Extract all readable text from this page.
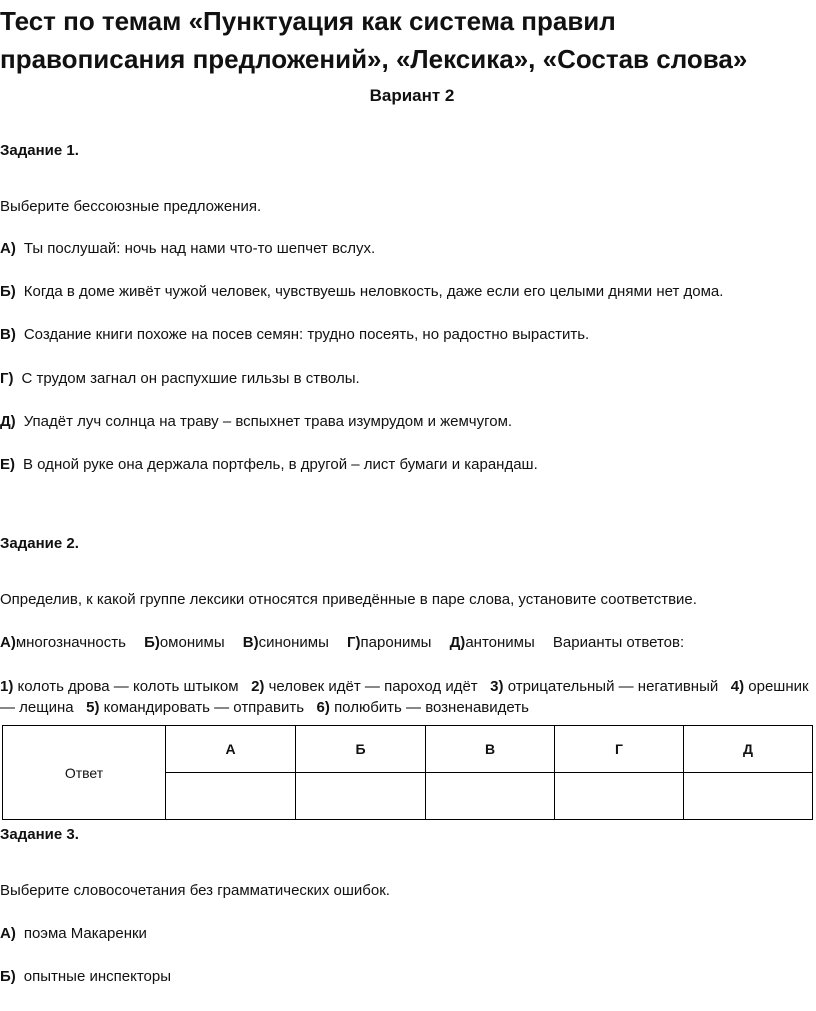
Тест по темам «Пунктуация как система правил правописания предложений», «Лексика», «Состав слова»
Вариант 2
Задание 1.
Выберите бессоюзные предложения.
А) Ты послушай: ночь над нами что-то шепчет вслух.
Б) Когда в доме живёт чужой человек, чувствуешь неловкость, даже если его целыми днями нет дома.
В) Создание книги похоже на посев семян: трудно посеять, но радостно вырастить.
Г) С трудом загнал он распухшие гильзы в стволы.
Д) Упадёт луч солнца на траву – вспыхнет трава изумрудом и жемчугом.
Е) В одной руке она держала портфель, в другой – лист бумаги и карандаш.
Задание 2.
Определив, к какой группе лексики относятся приведённые в паре слова, установите соответствие.
А)многозначность Б)омонимы В)синонимы Г)паронимы Д)антонимы Варианты ответов:
1) колоть дрова — колоть штыком 2) человек идёт — пароход идёт 3) отрицательный — негативный 4) орешник — лещина 5) командировать — отправить 6) полюбить — возненавидеть
Ответ	А	Б	В	Г	Д

Задание 3.
Выберите словосочетания без грамматических ошибок.
А) поэма Макаренки
Б) опытные инспекторы
